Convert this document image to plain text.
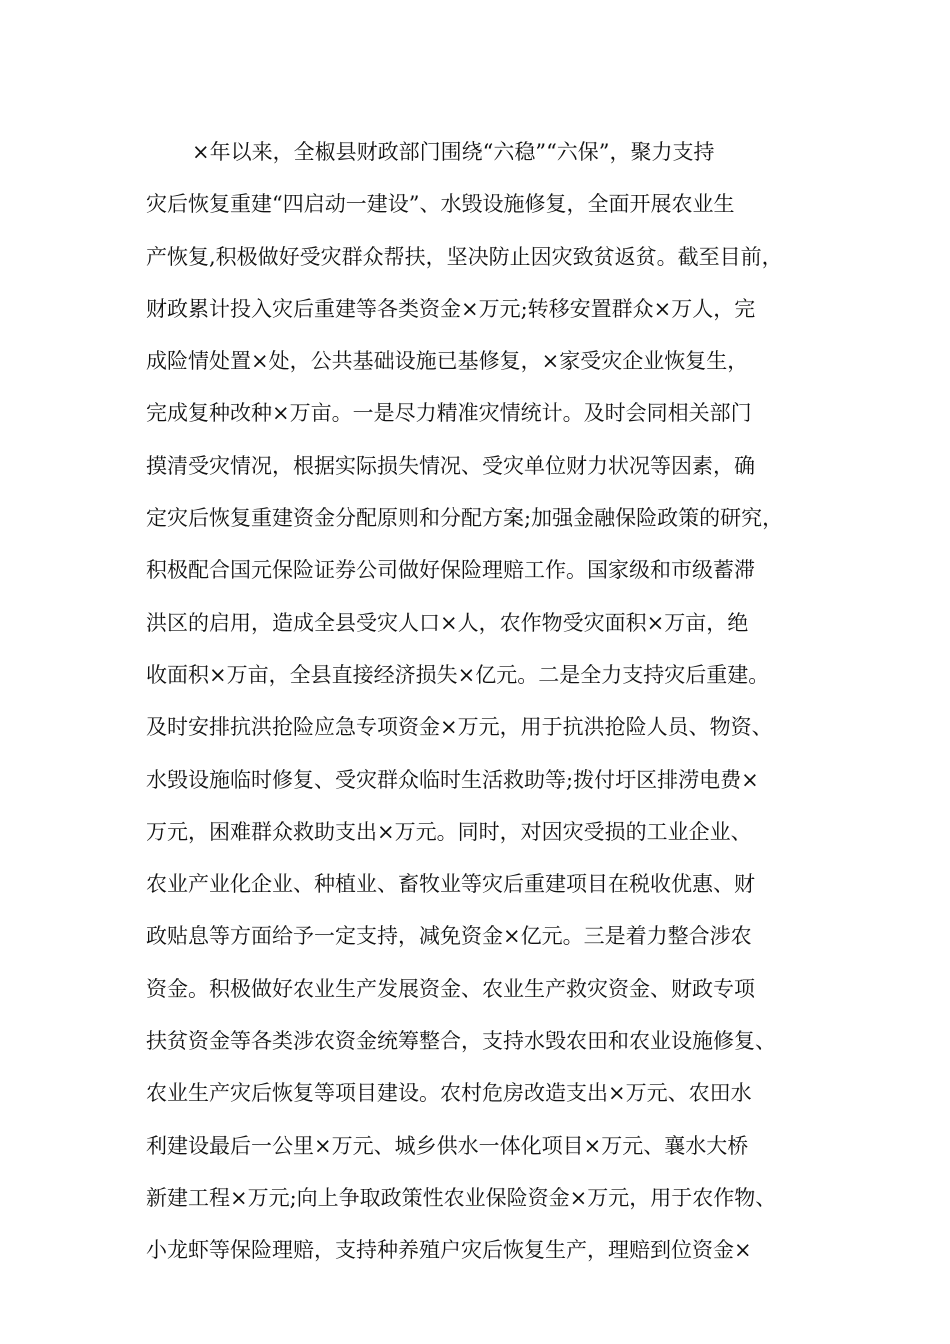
×年以来，全椒县财政部门围绕“六稳”“六保”，聚力支持
灾后恢复重建“四启动一建设”、水毁设施修复，全面开展农业生
产恢复,积极做好受灾群众帮扶，坚决防止因灾致贫返贫。截至目前，
财政累计投入灾后重建等各类资金×万元;转移安置群众×万人，完
成险情处置×处，公共基础设施已基修复，×家受灾企业恢复生，
完成复种改种×万亩。一是尽力精准灾情统计。及时会同相关部门
摸清受灾情况，根据实际损失情况、受灾单位财力状况等因素，确
定灾后恢复重建资金分配原则和分配方案;加强金融保险政策的研究，
积极配合国元保险证券公司做好保险理赔工作。国家级和市级蓄滞
洪区的启用，造成全县受灾人口×人，农作物受灾面积×万亩，绝
收面积×万亩，全县直接经济损失×亿元。二是全力支持灾后重建。
及时安排抗洪抢险应急专项资金×万元，用于抗洪抢险人员、物资、
水毁设施临时修复、受灾群众临时生活救助等;拨付圩区排涝电费×
万元，困难群众救助支出×万元。同时，对因灾受损的工业企业、
农业产业化企业、种植业、畜牧业等灾后重建项目在税收优惠、财
政贴息等方面给予一定支持，减免资金×亿元。三是着力整合涉农
资金。积极做好农业生产发展资金、农业生产救灾资金、财政专项
扶贫资金等各类涉农资金统筹整合，支持水毁农田和农业设施修复、
农业生产灾后恢复等项目建设。农村危房改造支出×万元、农田水
利建设最后一公里×万元、城乡供水一体化项目×万元、襄水大桥
新建工程×万元;向上争取政策性农业保险资金×万元，用于农作物、
小龙虾等保险理赔，支持种养殖户灾后恢复生产，理赔到位资金×
